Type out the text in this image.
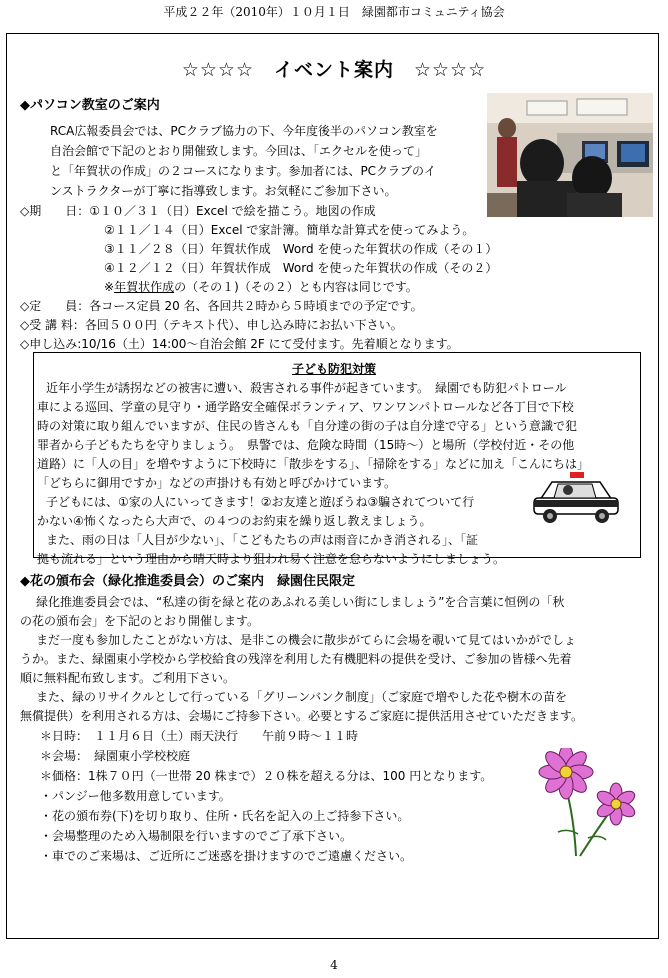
平成２２年（2010年）１０月１日　緑園都市コミュニティ協会
☆☆☆☆　イベント案内　☆☆☆☆
◆パソコン教室のご案内
RCA広報委員会では、PCクラブ協力の下、今年度後半のパソコン教室を
自治会館で下記のとおり開催致します。今回は、「エクセルを使って」
と「年賀状の作成」の２コースになります。参加者には、PCクラブのイ
ンストラクターが丁寧に指導致します。お気軽にご参加下さい。
◇期　　日：①１０／３１（日）Excel で絵を描こう。地図の作成
②１１／１４（日）Excel で家計簿。簡単な計算式を使ってみよう。
③１１／２８（日）年賀状作成　Word を使った年賀状の作成（その１）
④１２／１２（日）年賀状作成　Word を使った年賀状の作成（その２）
※年賀状作成の（その１)（その２）とも内容は同じです。
◇定　　員：各コース定員 20 名、各回共２時から５時頃までの予定です。
◇受 講 料：各回５００円（テキスト代）、申し込み時にお払い下さい。
◇申し込み:10/16（土）14:00～自治会館 2F にて受付ます。先着順となります。
子ども防犯対策
近年小学生が誘拐などの被害に遭い、殺害される事件が起きています。　緑園でも防犯パトロール
車による巡回、学童の見守り・通学路安全確保ボランティア、ワンワンパトロールなど各丁目で下校
時の対策に取り組んでいますが、住民の皆さんも「自分達の街の子は自分達で守る」という意識で犯
罪者から子どもたちを守りましょう。　県警では、危険な時間（15時～）と場所（学校付近・その他
道路）に「人の目」を増やすように下校時に「散歩をする」、「掃除をする」などに加え「こんにちは」
「どちらに御用ですか」などの声掛けも有効と呼びかけています。
子どもには、①家の人にいってきます！②お友達と遊ぼうね③騙されてついて行
かない④怖くなったら大声で、の４つのお約束を繰り返し教えましょう。
また、雨の日は「人目が少ない」、「こどもたちの声は雨音にかき消される」、「証
拠も流れる」という理由から晴天時より狙われ易く注意を怠らないようにしましょう。
◆花の頒布会（緑化推進委員会）のご案内　緑園住民限定
緑化推進委員会では、“私達の街を緑と花のあふれる美しい街にしましょう”を合言葉に恒例の「秋
の花の頒布会」を下記のとおり開催します。
まだ一度も参加したことがない方は、是非この機会に散歩がてらに会場を覗いて見てはいかがでしょ
うか。また、緑園東小学校から学校給食の残滓を利用した有機肥料の提供を受け、ご参加の皆様へ先着
順に無料配布致します。ご利用下さい。
また、緑のリサイクルとして行っている「グリーンバンク制度」（ご家庭で増やした花や樹木の苗を
無償提供）を利用される方は、会場にご持参下さい。必要とするご家庭に提供活用させていただきます。
＊日時：　１１月６日（土）雨天決行　　午前９時～１１時
＊会場：　緑園東小学校校庭
＊価格：1株７０円（一世帯 20 株まで）２０株を超える分は、100 円となります。
・パンジー他多数用意しています。
・花の頒布券(下)を切り取り、住所・氏名を記入の上ご持参下さい。
・会場整理のため入場制限を行いますのでご了承下さい。
・車でのご来場は、ご近所にご迷惑を掛けますのでご遠慮ください。
4
